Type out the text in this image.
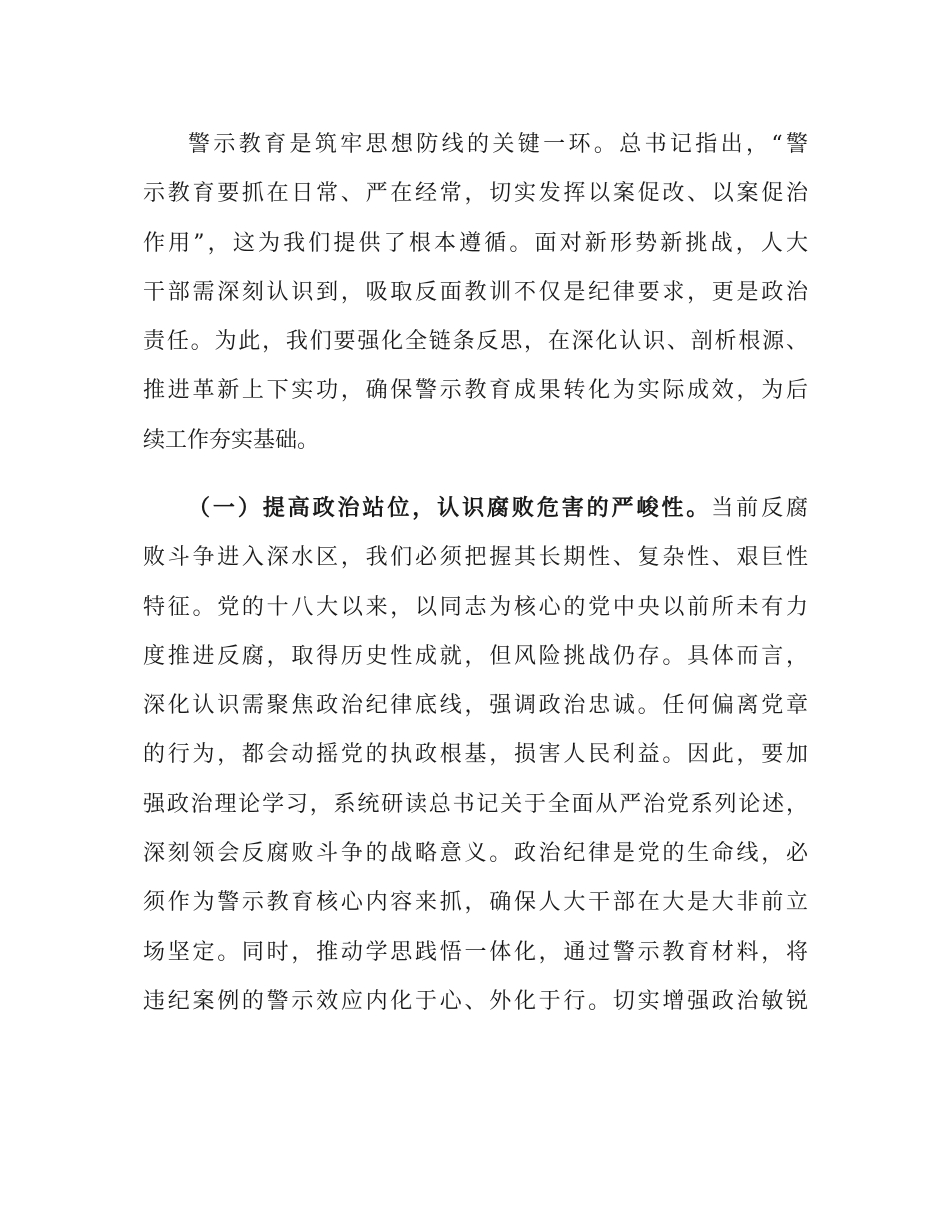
警示教育是筑牢思想防线的关键一环。总书记指出，“警
示教育要抓在日常、严在经常，切实发挥以案促改、以案促治
作用”，这为我们提供了根本遵循。面对新形势新挑战，人大
干部需深刻认识到，吸取反面教训不仅是纪律要求，更是政治
责任。为此，我们要强化全链条反思，在深化认识、剖析根源、
推进革新上下实功，确保警示教育成果转化为实际成效，为后
续工作夯实基础。
（一）提高政治站位，认识腐败危害的严峻性。当前反腐
败斗争进入深水区，我们必须把握其长期性、复杂性、艰巨性
特征。党的十八大以来，以同志为核心的党中央以前所未有力
度推进反腐，取得历史性成就，但风险挑战仍存。具体而言，
深化认识需聚焦政治纪律底线，强调政治忠诚。任何偏离党章
的行为，都会动摇党的执政根基，损害人民利益。因此，要加
强政治理论学习，系统研读总书记关于全面从严治党系列论述，
深刻领会反腐败斗争的战略意义。政治纪律是党的生命线，必
须作为警示教育核心内容来抓，确保人大干部在大是大非前立
场坚定。同时，推动学思践悟一体化，通过警示教育材料，将
违纪案例的警示效应内化于心、外化于行。切实增强政治敏锐
